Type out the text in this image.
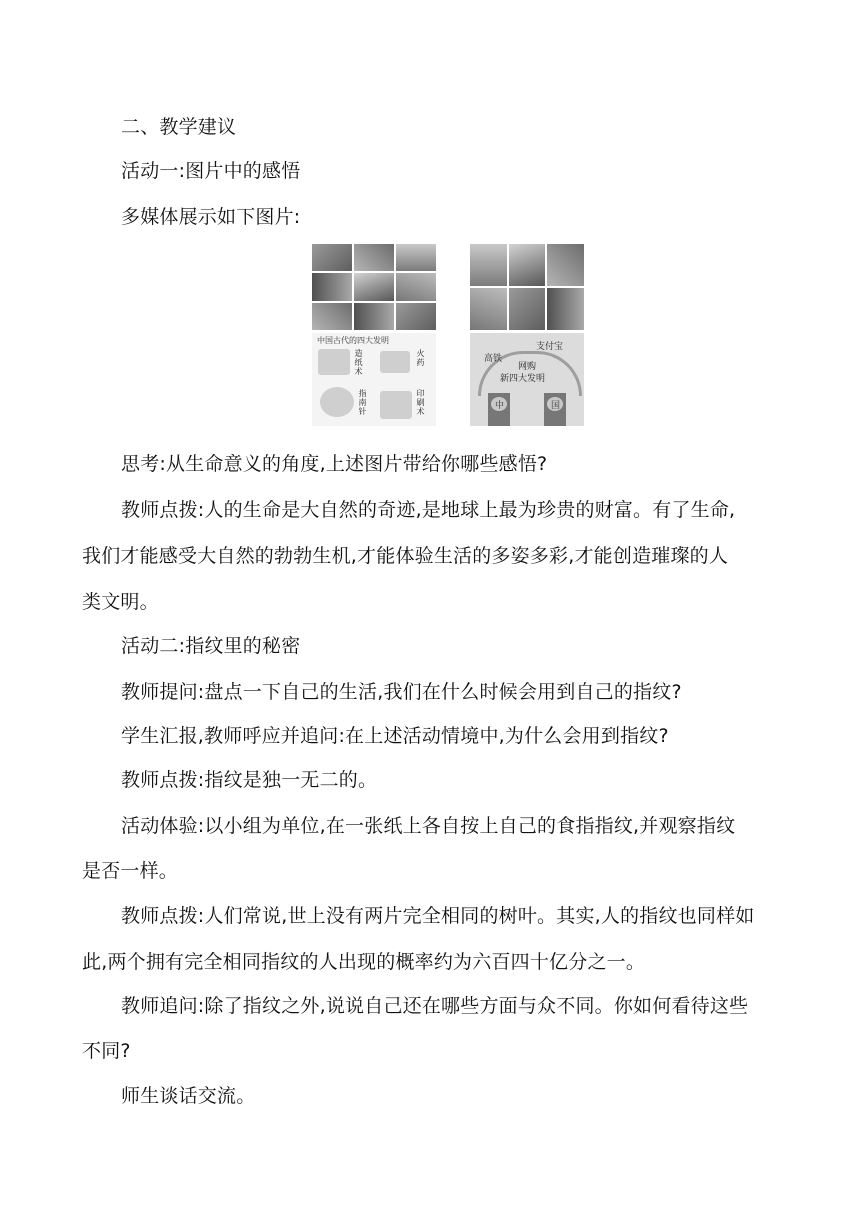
二、教学建议
活动一:图片中的感悟
多媒体展示如下图片:
中国古代的四大发明
造纸术
火药
指南针
印刷术
支付宝
高铁
网购
新四大发明
中	国
思考:从生命意义的角度,上述图片带给你哪些感悟?
教师点拨:人的生命是大自然的奇迹,是地球上最为珍贵的财富。有了生命,
我们才能感受大自然的勃勃生机,才能体验生活的多姿多彩,才能创造璀璨的人
类文明。
活动二:指纹里的秘密
教师提问:盘点一下自己的生活,我们在什么时候会用到自己的指纹?
学生汇报,教师呼应并追问:在上述活动情境中,为什么会用到指纹?
教师点拨:指纹是独一无二的。
活动体验:以小组为单位,在一张纸上各自按上自己的食指指纹,并观察指纹
是否一样。
教师点拨:人们常说,世上没有两片完全相同的树叶。其实,人的指纹也同样如
此,两个拥有完全相同指纹的人出现的概率约为六百四十亿分之一。
教师追问:除了指纹之外,说说自己还在哪些方面与众不同。你如何看待这些
不同?
师生谈话交流。
